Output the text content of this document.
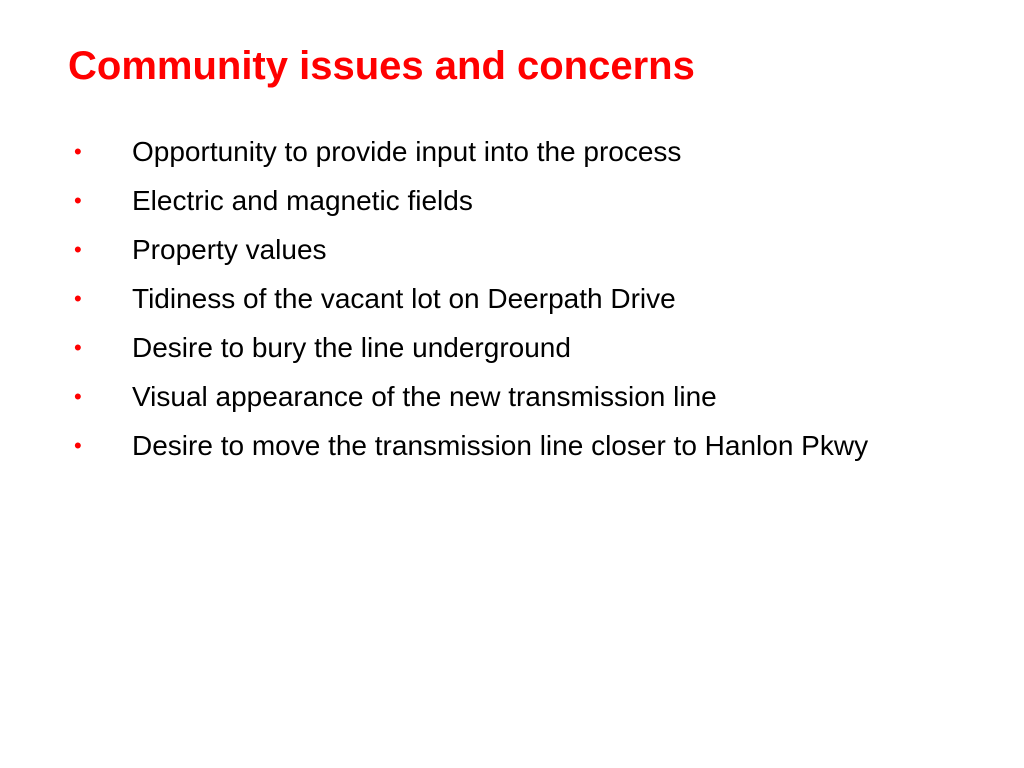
Community issues and concerns
• Opportunity to provide input into the process
• Electric and magnetic fields
• Property values
• Tidiness of the vacant lot on Deerpath Drive
• Desire to bury the line underground
• Visual appearance of the new transmission line
• Desire to move the transmission line closer to Hanlon Pkwy
